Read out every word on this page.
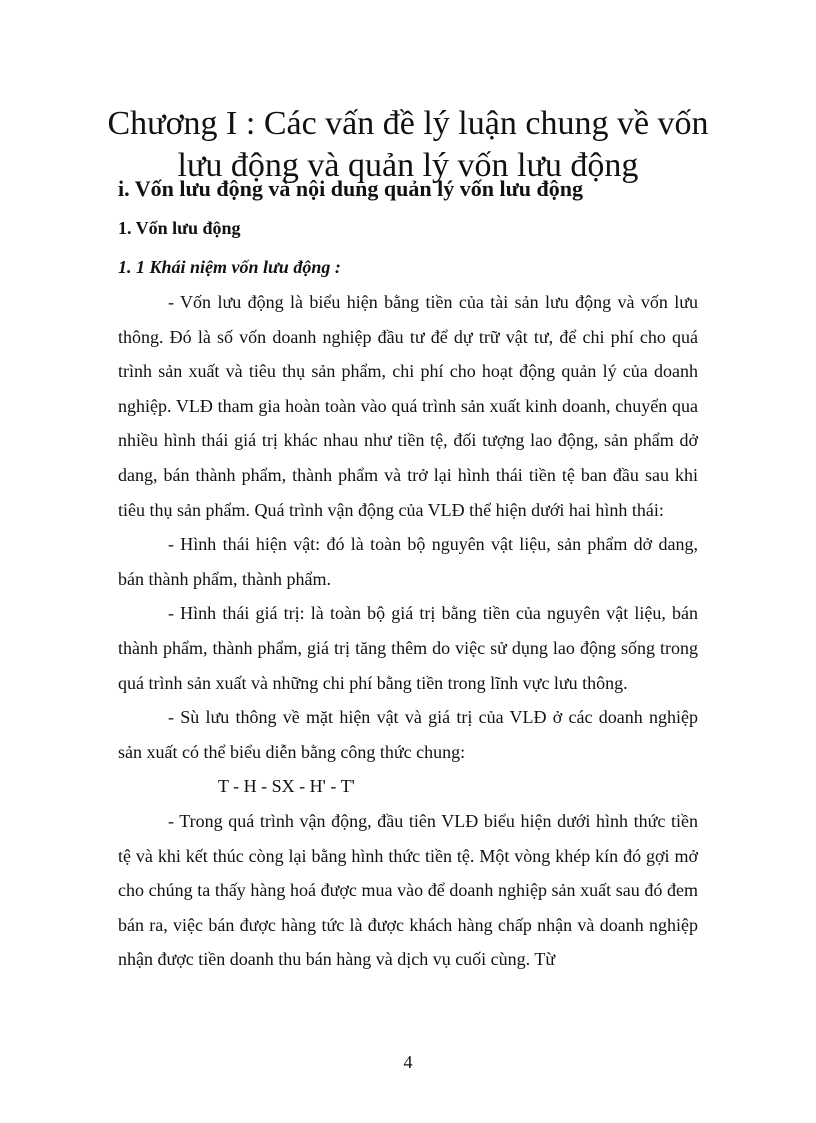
Chương I : Các vấn đề lý luận chung về vốn lưu động và quản lý vốn lưu động
i. Vốn lưu động và nội dung quản lý vốn lưu động
1. Vốn lưu động
1. 1 Khái niệm vốn lưu động :

- Vốn lưu động là biểu hiện bằng tiền của tài sản lưu động và vốn lưu thông. Đó là số vốn doanh nghiệp đầu tư để dự trữ vật tư, để chi phí cho quá trình sản xuất và tiêu thụ sản phẩm, chi phí cho hoạt động quản lý của doanh nghiệp. VLĐ tham gia hoàn toàn vào quá trình sản xuất kinh doanh, chuyển qua nhiều hình thái giá trị khác nhau như tiền tệ, đối tượng lao động, sản phẩm dở dang, bán thành phẩm, thành phẩm và trở lại hình thái tiền tệ ban đầu sau khi tiêu thụ sản phẩm. Quá trình vận động của VLĐ thể hiện dưới hai hình thái:

- Hình thái hiện vật: đó là toàn bộ nguyên vật liệu, sản phẩm dở dang, bán thành phẩm, thành phẩm.

- Hình thái giá trị: là toàn bộ giá trị bằng tiền của nguyên vật liệu, bán thành phẩm, thành phẩm, giá trị tăng thêm do việc sử dụng lao động sống trong quá trình sản xuất và những chi phí bằng tiền trong lĩnh vực lưu thông.

- Sù lưu thông về mặt hiện vật và giá trị của VLĐ ở các doanh nghiệp sản xuất có thể biểu diễn bằng công thức chung:

T - H - SX - H' - T'

- Trong quá trình vận động, đầu tiên VLĐ biểu hiện dưới hình thức tiền tệ và khi kết thúc còng lại bằng hình thức tiền tệ. Một vòng khép kín đó gợi mở cho chúng ta thấy hàng hoá được mua vào để doanh nghiệp sản xuất sau đó đem bán ra, việc bán được hàng tức là được khách hàng chấp nhận và doanh nghiệp nhận được tiền doanh thu bán hàng và dịch vụ cuối cùng. Từ

4
